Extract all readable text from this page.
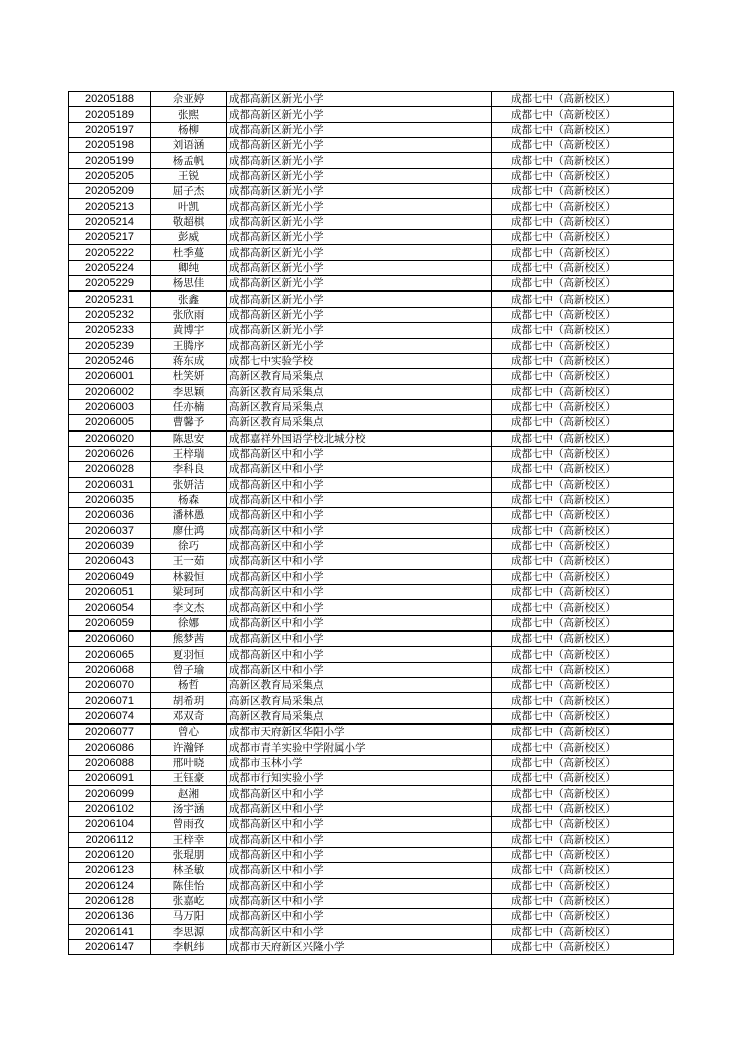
20205188	佘亚婷	成都高新区新光小学	成都七中（高新校区）
20205189	张熙	成都高新区新光小学	成都七中（高新校区）
20205197	杨柳	成都高新区新光小学	成都七中（高新校区）
20205198	刘语涵	成都高新区新光小学	成都七中（高新校区）
20205199	杨孟帆	成都高新区新光小学	成都七中（高新校区）
20205205	王锐	成都高新区新光小学	成都七中（高新校区）
20205209	屈子杰	成都高新区新光小学	成都七中（高新校区）
20205213	叶凯	成都高新区新光小学	成都七中（高新校区）
20205214	敬超棋	成都高新区新光小学	成都七中（高新校区）
20205217	彭威	成都高新区新光小学	成都七中（高新校区）
20205222	杜季蔓	成都高新区新光小学	成都七中（高新校区）
20205224	卿纯	成都高新区新光小学	成都七中（高新校区）
20205229	杨思佳	成都高新区新光小学	成都七中（高新校区）
20205231	张鑫	成都高新区新光小学	成都七中（高新校区）
20205232	张欣雨	成都高新区新光小学	成都七中（高新校区）
20205233	黄博宇	成都高新区新光小学	成都七中（高新校区）
20205239	王腾序	成都高新区新光小学	成都七中（高新校区）
20205246	蒋东成	成都七中实验学校	成都七中（高新校区）
20206001	杜笑妍	高新区教育局采集点	成都七中（高新校区）
20206002	李思颖	高新区教育局采集点	成都七中（高新校区）
20206003	任亦楠	高新区教育局采集点	成都七中（高新校区）
20206005	曹馨予	高新区教育局采集点	成都七中（高新校区）
20206020	陈思安	成都嘉祥外国语学校北城分校	成都七中（高新校区）
20206026	王梓瑞	成都高新区中和小学	成都七中（高新校区）
20206028	李科良	成都高新区中和小学	成都七中（高新校区）
20206031	张妍洁	成都高新区中和小学	成都七中（高新校区）
20206035	杨森	成都高新区中和小学	成都七中（高新校区）
20206036	潘林愚	成都高新区中和小学	成都七中（高新校区）
20206037	廖仕鸿	成都高新区中和小学	成都七中（高新校区）
20206039	徐巧	成都高新区中和小学	成都七中（高新校区）
20206043	王一茹	成都高新区中和小学	成都七中（高新校区）
20206049	林毅恒	成都高新区中和小学	成都七中（高新校区）
20206051	梁珂珂	成都高新区中和小学	成都七中（高新校区）
20206054	李文杰	成都高新区中和小学	成都七中（高新校区）
20206059	徐娜	成都高新区中和小学	成都七中（高新校区）
20206060	熊梦茜	成都高新区中和小学	成都七中（高新校区）
20206065	夏羽恒	成都高新区中和小学	成都七中（高新校区）
20206068	曾子瑜	成都高新区中和小学	成都七中（高新校区）
20206070	杨哲	高新区教育局采集点	成都七中（高新校区）
20206071	胡希玥	高新区教育局采集点	成都七中（高新校区）
20206074	邓双奇	高新区教育局采集点	成都七中（高新校区）
20206077	曾心	成都市天府新区华阳小学	成都七中（高新校区）
20206086	许瀚铎	成都市青羊实验中学附属小学	成都七中（高新校区）
20206088	邢叶晓	成都市玉林小学	成都七中（高新校区）
20206091	王钰豪	成都市行知实验小学	成都七中（高新校区）
20206099	赵湘	成都高新区中和小学	成都七中（高新校区）
20206102	汤宇涵	成都高新区中和小学	成都七中（高新校区）
20206104	曾雨孜	成都高新区中和小学	成都七中（高新校区）
20206112	王梓幸	成都高新区中和小学	成都七中（高新校区）
20206120	张琨朋	成都高新区中和小学	成都七中（高新校区）
20206123	林圣敏	成都高新区中和小学	成都七中（高新校区）
20206124	陈佳怡	成都高新区中和小学	成都七中（高新校区）
20206128	张嘉屹	成都高新区中和小学	成都七中（高新校区）
20206136	马万阳	成都高新区中和小学	成都七中（高新校区）
20206141	李思源	成都高新区中和小学	成都七中（高新校区）
20206147	李帆纬	成都市天府新区兴隆小学	成都七中（高新校区）
